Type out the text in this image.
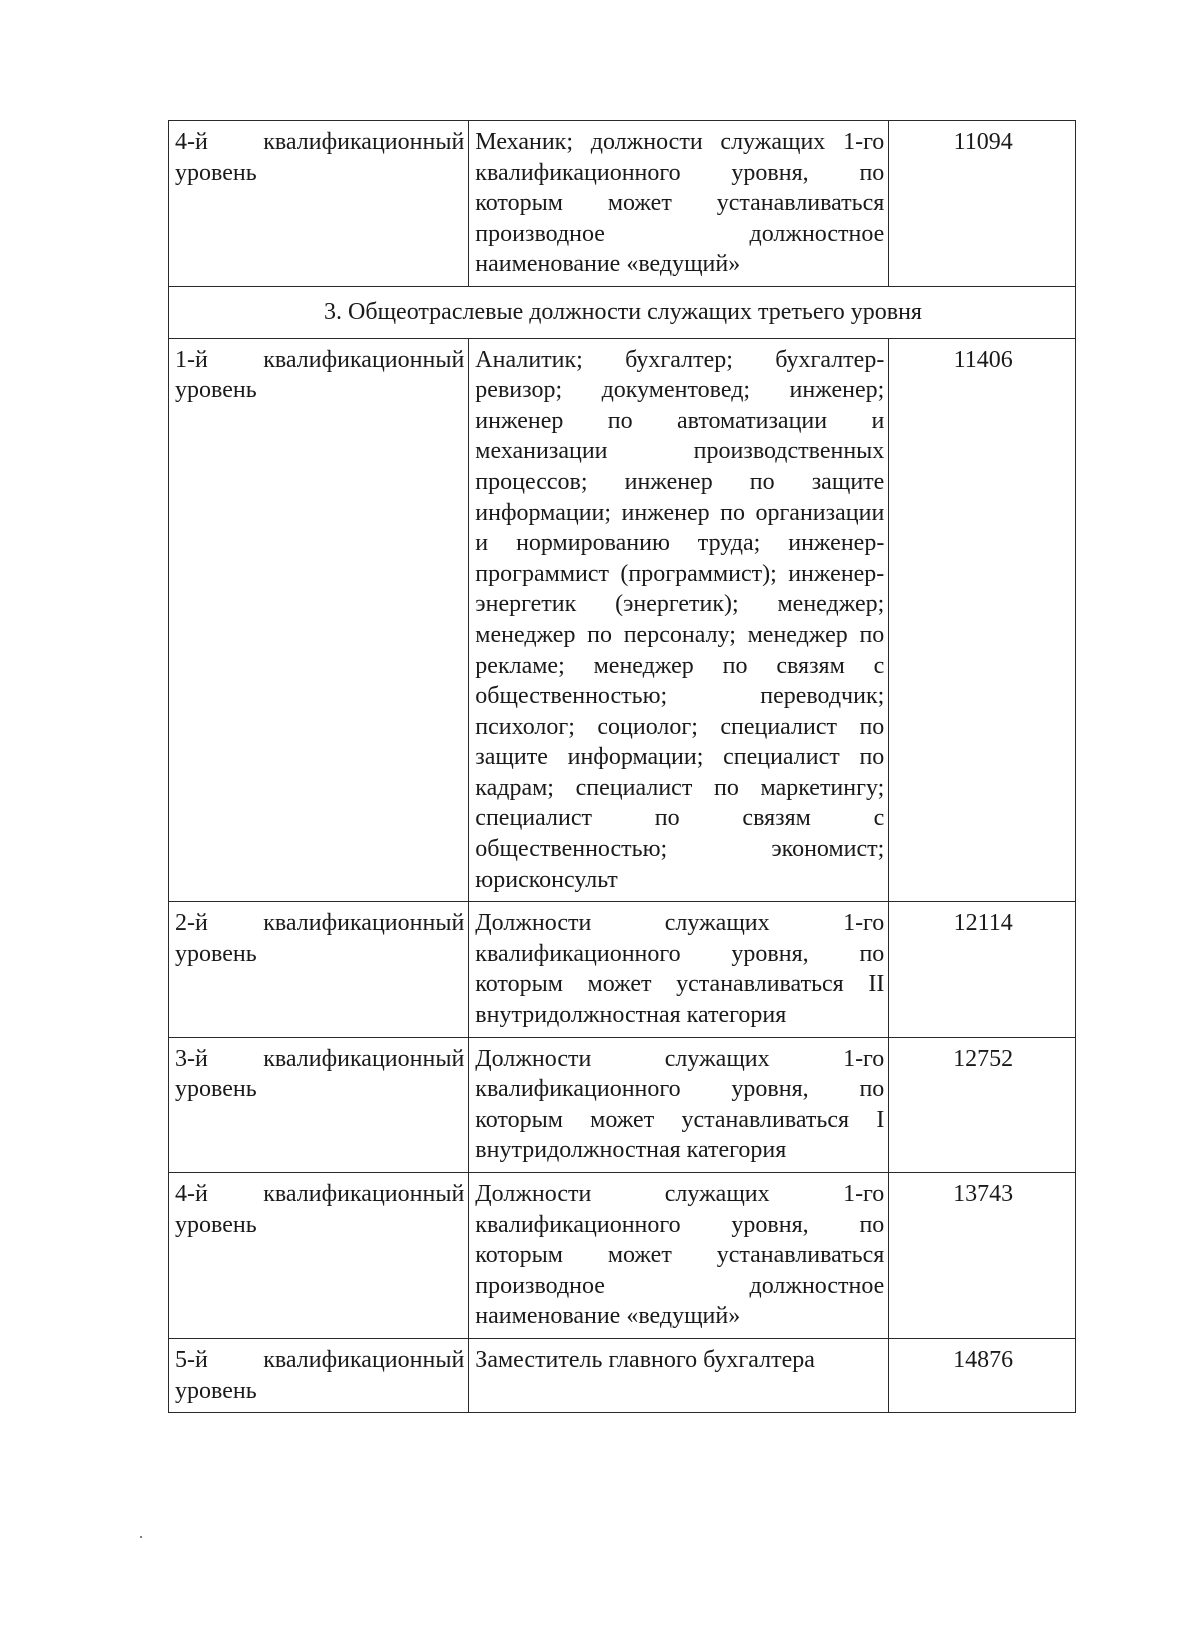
4-й квалификационный уровень	Механик; должности служащих 1-го квалификационного уровня, по которым может устанавливаться производное должностное наименование «ведущий»	11094
3. Общеотраслевые должности служащих третьего уровня		
1-й квалификационный уровень	Аналитик; бухгалтер; бухгалтер-ревизор; документовед; инженер; инженер по автоматизации и механизации производственных процессов; инженер по защите информации; инженер по организации и нормированию труда; инженер-программист (программист); инженер-энергетик (энергетик); менеджер; менеджер по персоналу; менеджер по рекламе; менеджер по связям с общественностью; переводчик; психолог; социолог; специалист по защите информации; специалист по кадрам; специалист по маркетингу; специалист по связям с общественностью; экономист; юрисконсульт	11406
2-й квалификационный уровень	Должности служащих 1-го квалификационного уровня, по которым может устанавливаться II внутридолжностная категория	12114
3-й квалификационный уровень	Должности служащих 1-го квалификационного уровня, по которым может устанавливаться I внутридолжностная категория	12752
4-й квалификационный уровень	Должности служащих 1-го квалификационного уровня, по которым может устанавливаться производное должностное наименование «ведущий»	13743
5-й квалификационный уровень	Заместитель главного бухгалтера	14876
